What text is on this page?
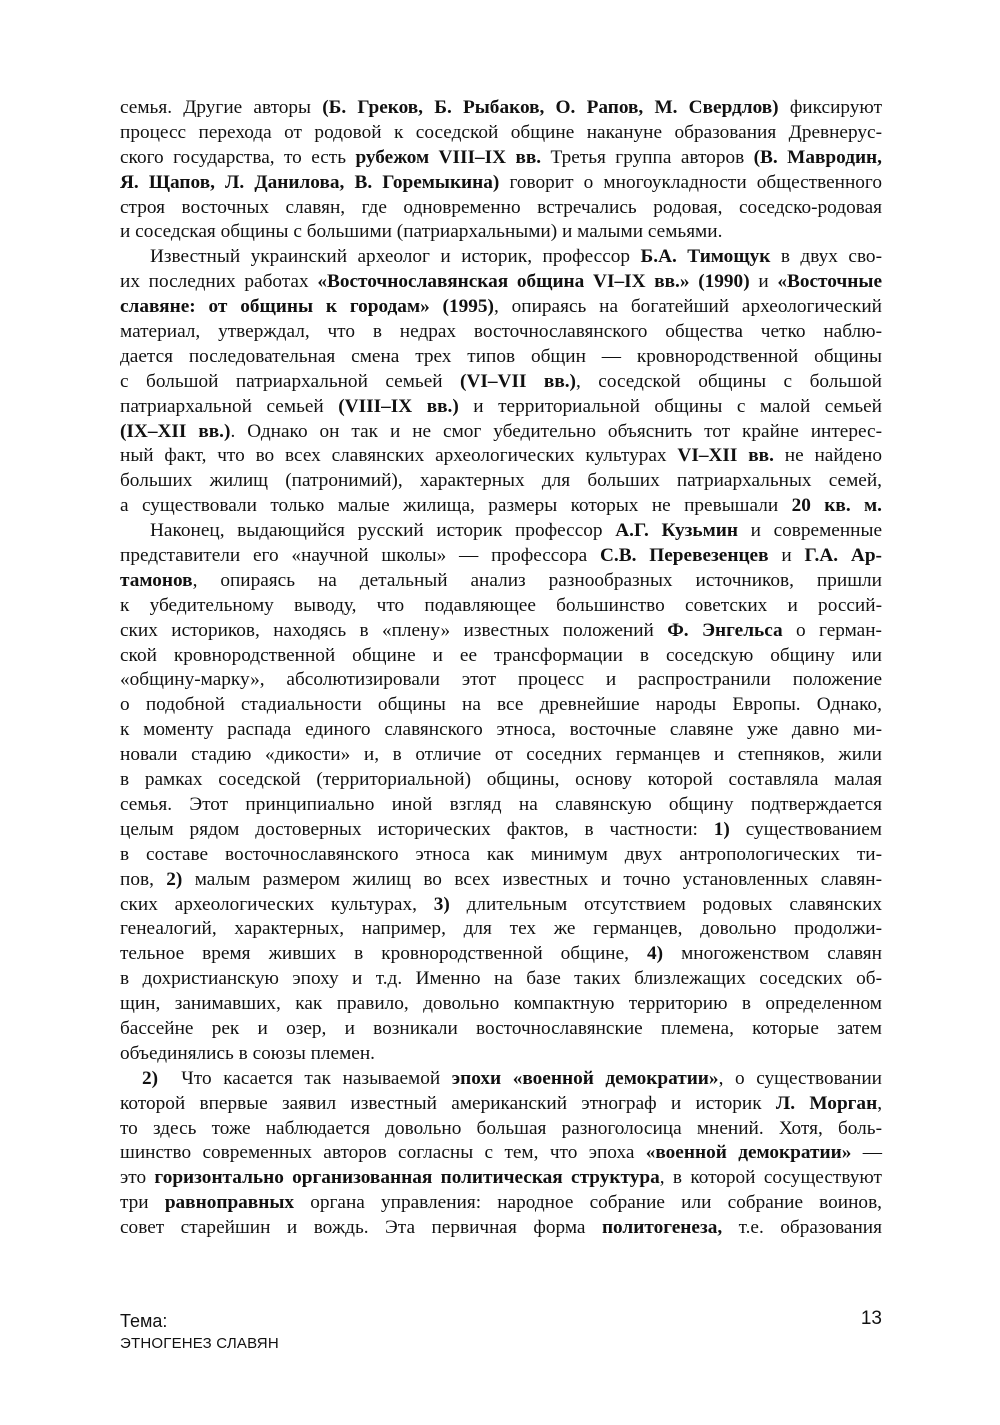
семья. Другие авторы (Б. Греков, Б. Рыбаков, О. Рапов, М. Свердлов) фиксируют
процесс перехода от родовой к соседской общине накануне образования Древнерус-
ского государства, то есть рубежом VIII–IX вв. Третья группа авторов (В. Мавродин,
Я. Щапов, Л. Данилова, В. Горемыкина) говорит о многоукладности общественного
строя восточных славян, где одновременно встречались родовая, соседско-родовая
и соседская общины с большими (патриархальными) и малыми семьями.
Известный украинский археолог и историк, профессор Б.А. Тимощук в двух сво-
их последних работах «Восточнославянская община VI–IX вв.» (1990) и «Восточные
славяне: от общины к городам» (1995), опираясь на богатейший археологический
материал, утверждал, что в недрах восточнославянского общества четко наблю-
дается последовательная смена трех типов общин — кровнородственной общины
с большой патриархальной семьей (VI–VII вв.), соседской общины с большой
патриархальной семьей (VIII–IX вв.) и территориальной общины с малой семьей
(IX–XII вв.). Однако он так и не смог убедительно объяснить тот крайне интерес-
ный факт, что во всех славянских археологических культурах VI–XII вв. не найдено
больших жилищ (патронимий), характерных для больших патриархальных семей,
а существовали только малые жилища, размеры которых не превышали 20 кв. м.
Наконец, выдающийся русский историк профессор А.Г. Кузьмин и современные
представители его «научной школы» — профессора С.В. Перевезенцев и Г.А. Ар-
тамонов, опираясь на детальный анализ разнообразных источников, пришли
к убедительному выводу, что подавляющее большинство советских и россий-
ских историков, находясь в «плену» известных положений Ф. Энгельса о герман-
ской кровнородственной общине и ее трансформации в соседскую общину или
«общину-марку», абсолютизировали этот процесс и распространили положение
о подобной стадиальности общины на все древнейшие народы Европы. Однако,
к моменту распада единого славянского этноса, восточные славяне уже давно ми-
новали стадию «дикости» и, в отличие от соседних германцев и степняков, жили
в рамках соседской (территориальной) общины, основу которой составляла малая
семья. Этот принципиально иной взгляд на славянскую общину подтверждается
целым рядом достоверных исторических фактов, в частности: 1) существованием
в составе восточнославянского этноса как минимум двух антропологических ти-
пов, 2) малым размером жилищ во всех известных и точно установленных славян-
ских археологических культурах, 3) длительным отсутствием родовых славянских
генеалогий, характерных, например, для тех же германцев, довольно продолжи-
тельное время живших в кровнородственной общине, 4) многоженством славян
в дохристианскую эпоху и т.д. Именно на базе таких близлежащих соседских об-
щин, занимавших, как правило, довольно компактную территорию в определенном
бассейне рек и озер, и возникали восточнославянские племена, которые затем
объединялись в союзы племен.
2)  Что касается так называемой эпохи «военной демократии», о существовании
которой впервые заявил известный американский этнограф и историк Л. Морган,
то здесь тоже наблюдается довольно большая разноголосица мнений. Хотя, боль-
шинство современных авторов согласны с тем, что эпоха «военной демократии» —
это горизонтально организованная политическая структура, в которой сосуществуют
три равноправных органа управления: народное собрание или собрание воинов,
совет старейшин и вождь. Эта первичная форма политогенеза, т.е. образования
Тема:
ЭТНОГЕНЕЗ СЛАВЯН
13
